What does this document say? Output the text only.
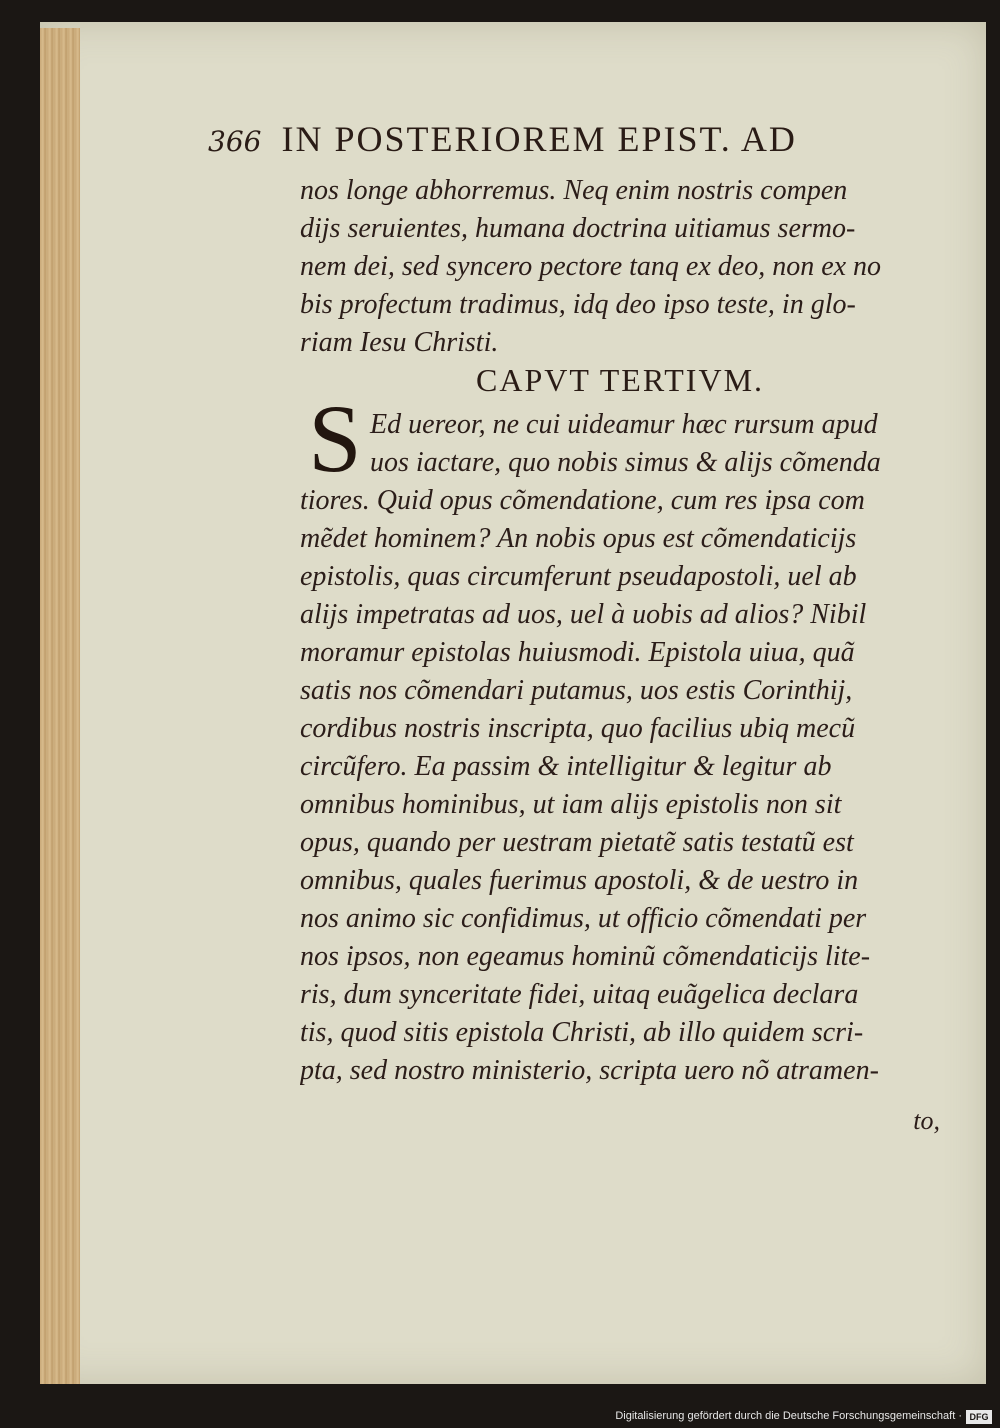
366 IN POSTERIOREM EPIST. AD
nos longe abhorremus. Neq enim nostris compen
dijs seruientes, humana doctrina uitiamus sermo-
nem dei, sed syncero pectore tanq ex deo, non ex no
bis profectum tradimus, idq deo ipso teste, in glo-
riam Iesu Christi.
CAPVT TERTIVM.
S Ed uereor, ne cui uideamur hæc rursum apud
uos iactare, quo nobis simus & alijs cõmenda
tiores. Quid opus cõmendatione, cum res ipsa com
mẽdet hominem? An nobis opus est cõmendaticijs
epistolis, quas circumferunt pseudapostoli, uel ab
alijs impetratas ad uos, uel à uobis ad alios? Nibil
moramur epistolas huiusmodi. Epistola uiua, quã
satis nos cõmendari putamus, uos estis Corinthij,
cordibus nostris inscripta, quo facilius ubiq mecũ
circũfero. Ea passim & intelligitur & legitur ab
omnibus hominibus, ut iam alijs epistolis non sit
opus, quando per uestram pietatẽ satis testatũ est
omnibus, quales fuerimus apostoli, & de uestro in
nos animo sic confidimus, ut officio cõmendati per
nos ipsos, non egeamus hominũ cõmendaticijs lite-
ris, dum synceritate fidei, uitaq euãgelica declara
tis, quod sitis epistola Christi, ab illo quidem scri-
pta, sed nostro ministerio, scripta uero nõ atramen-
to,
Digitalisierung gefördert durch die Deutsche Forschungsgemeinschaft · DFG
